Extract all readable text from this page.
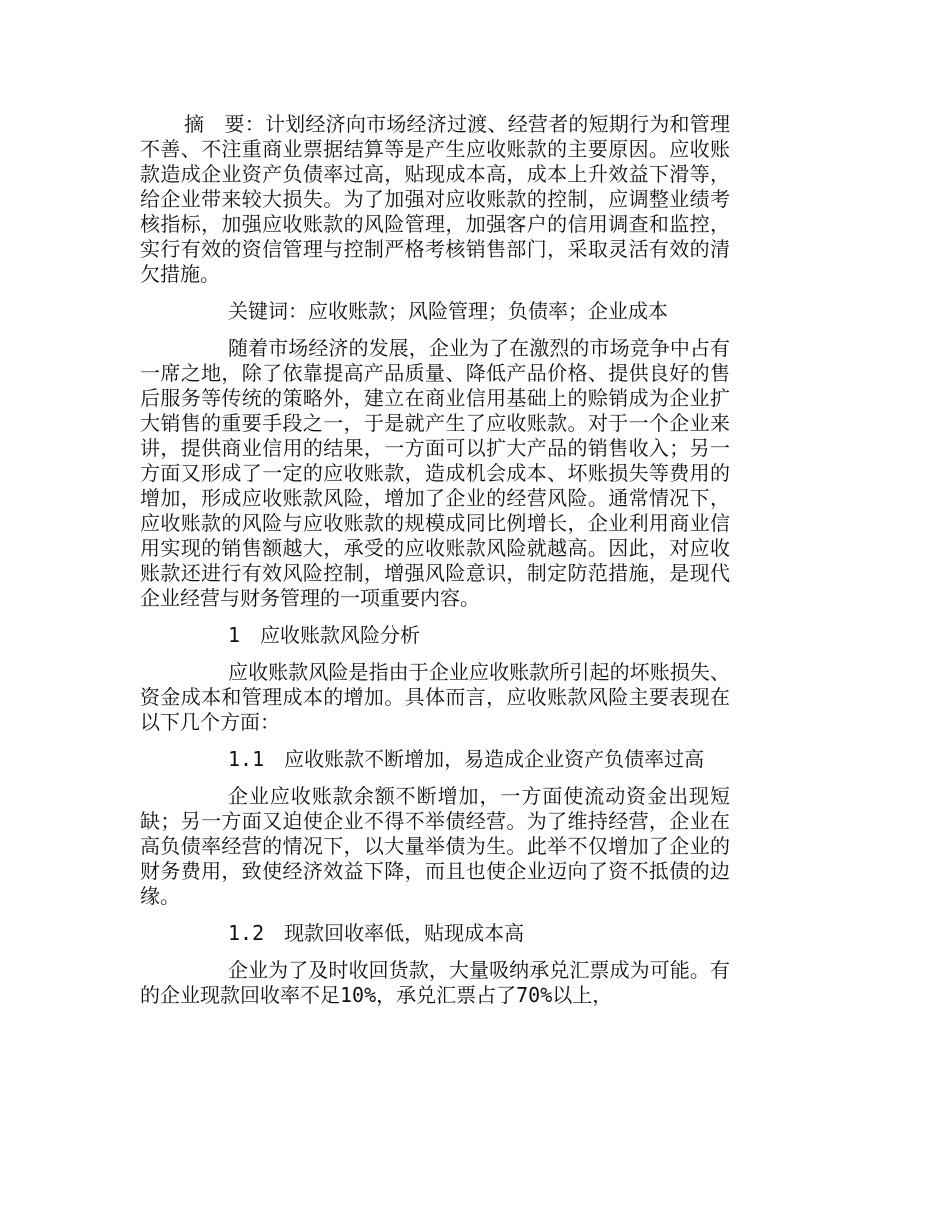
摘　要：计划经济向市场经济过渡、经营者的短期行为和管理不善、不注重商业票据结算等是产生应收账款的主要原因。应收账款造成企业资产负债率过高，贴现成本高，成本上升效益下滑等，给企业带来较大损失。为了加强对应收账款的控制，应调整业绩考核指标，加强应收账款的风险管理，加强客户的信用调查和监控，实行有效的资信管理与控制严格考核销售部门，采取灵活有效的清欠措施。

关键词：应收账款；风险管理；负债率；企业成本

随着市场经济的发展，企业为了在激烈的市场竞争中占有一席之地，除了依靠提高产品质量、降低产品价格、提供良好的售后服务等传统的策略外，建立在商业信用基础上的赊销成为企业扩大销售的重要手段之一，于是就产生了应收账款。对于一个企业来讲，提供商业信用的结果，一方面可以扩大产品的销售收入；另一方面又形成了一定的应收账款，造成机会成本、坏账损失等费用的增加，形成应收账款风险，增加了企业的经营风险。通常情况下，应收账款的风险与应收账款的规模成同比例增长，企业利用商业信用实现的销售额越大，承受的应收账款风险就越高。因此，对应收账款还进行有效风险控制，增强风险意识，制定防范措施，是现代企业经营与财务管理的一项重要内容。

1 应收账款风险分析

应收账款风险是指由于企业应收账款所引起的坏账损失、资金成本和管理成本的增加。具体而言，应收账款风险主要表现在以下几个方面：

1.1 应收账款不断增加，易造成企业资产负债率过高

企业应收账款余额不断增加，一方面使流动资金出现短缺；另一方面又迫使企业不得不举债经营。为了维持经营，企业在高负债率经营的情况下，以大量举债为生。此举不仅增加了企业的财务费用，致使经济效益下降，而且也使企业迈向了资不抵债的边缘。

1.2 现款回收率低，贴现成本高

企业为了及时收回货款，大量吸纳承兑汇票成为可能。有的企业现款回收率不足10%，承兑汇票占了70%以上，
